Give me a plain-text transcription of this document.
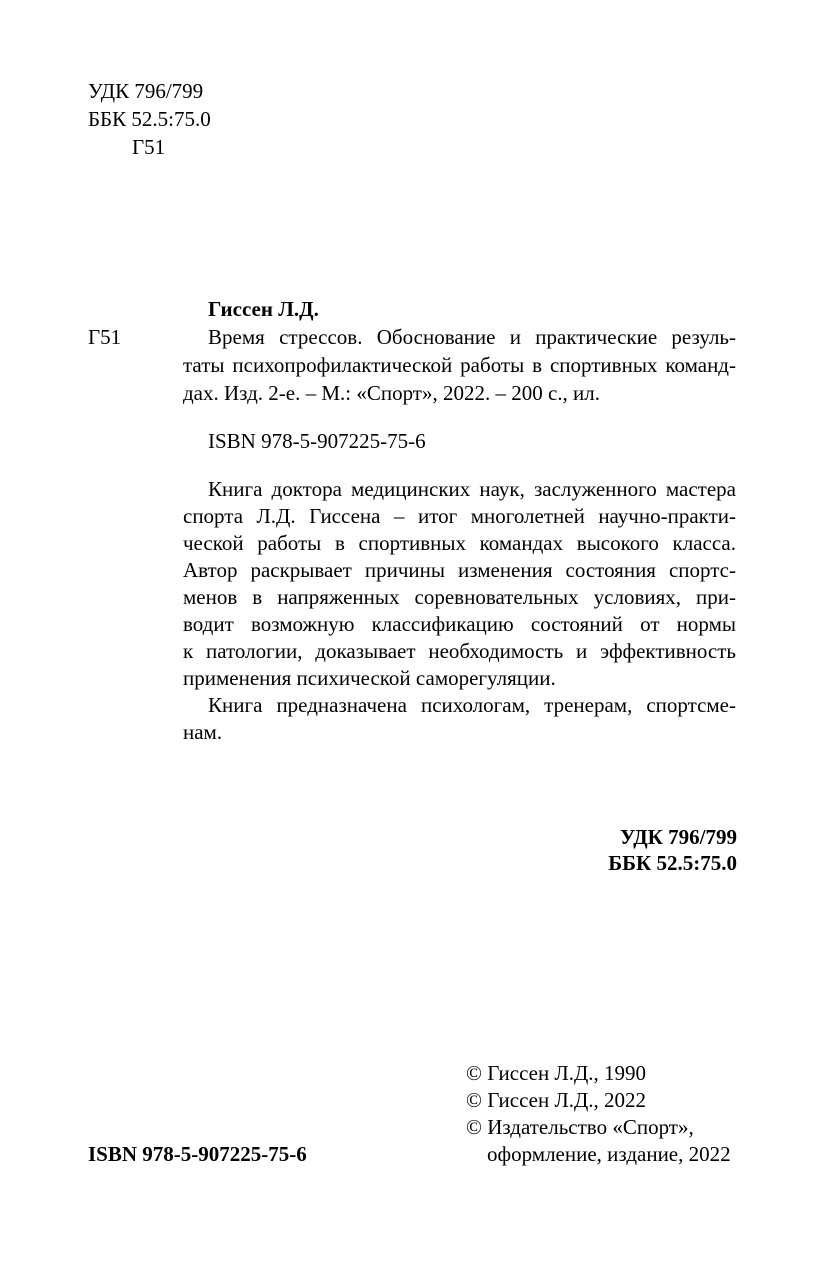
УДК 796/799
ББК 52.5:75.0
Г51
Гиссен Л.Д.
Г51	Время стрессов. Обоснование и практические резуль-
таты психопрофилактической работы в спортивных команд-
дах. Изд. 2-е. – М.: «Спорт», 2022. – 200 с., ил.
ISBN 978-5-907225-75-6
Книга доктора медицинских наук, заслуженного мастера
спорта Л.Д. Гиссена – итог многолетней научно-практи-
ческой работы в спортивных командах высокого класса.
Автор раскрывает причины изменения состояния спортс-
менов в напряженных соревновательных условиях, при-
водит возможную классификацию состояний от нормы
к патологии, доказывает необходимость и эффективность
применения психической саморегуляции.
Книга предназначена психологам, тренерам, спортсме-
нам.
УДК 796/799
ББК 52.5:75.0
© Гиссен Л.Д., 1990
© Гиссен Л.Д., 2022
© Издательство «Спорт»,
оформление, издание, 2022
ISBN 978-5-907225-75-6
